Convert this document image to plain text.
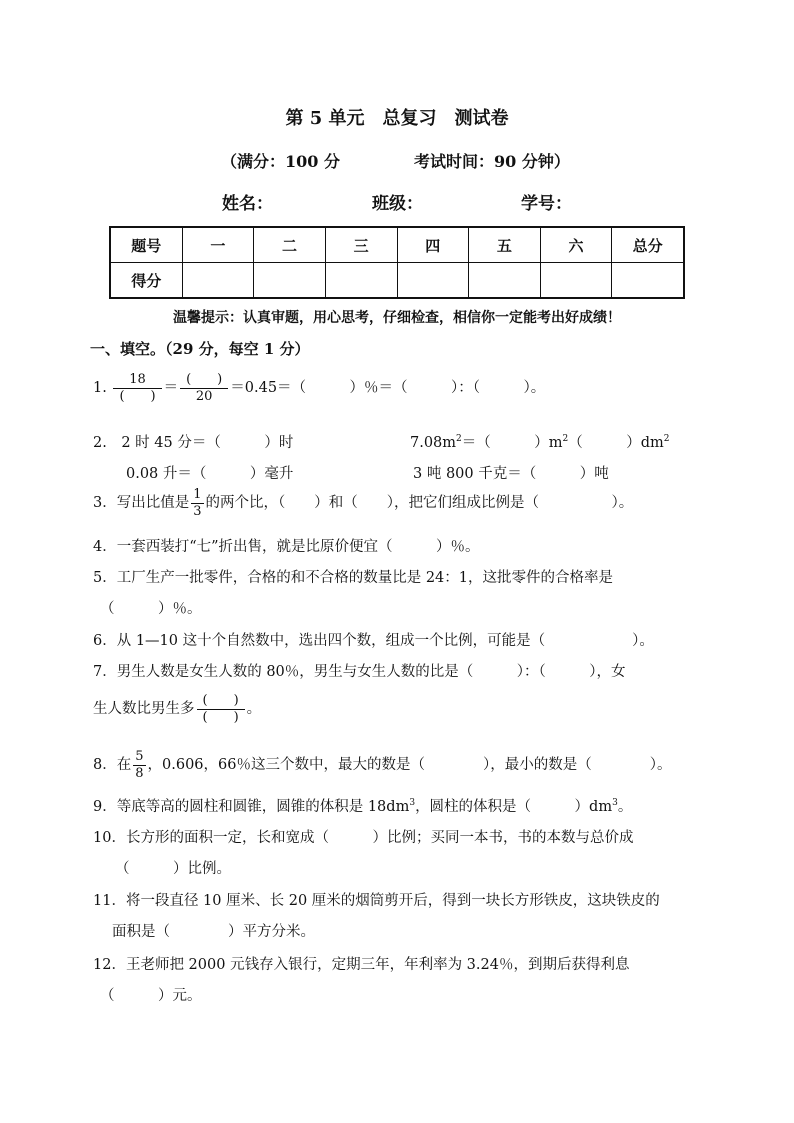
第 5 单元　总复习　测试卷
（满分：100 分	考试时间：90 分钟）
姓名：	班级：	学号：
题号	一	二	三	四	五	六	总分
得分							
温馨提示：认真审题，用心思考，仔细检查，相信你一定能考出好成绩！
一、填空。（29 分，每空 1 分）
1. $\frac{18}{( )} = \frac{( )}{20} =0.45=$（　　　）％＝（　　　）：（　　　）。
2.　2 时 45 分＝（　　　）时	$7.08m^2=$（　　　）$m^2$（　　　）$dm^2$
0.08 升＝（　　　）毫升	3 吨 800 千克＝（　　　）吨
3．写出比值是 $\frac{1}{3}$ 的两个比，（　　）和（　　），把它们组成比例是（　　　　　）。
4．一套西装打“七”折出售，就是比原价便宜（　　　）％。
5．工厂生产一批零件，合格的和不合格的数量比是 24：1，这批零件的合格率是
（　　　）％。
6．从 1—10 这十个自然数中，选出四个数，组成一个比例，可能是（　　　　　　）。
7．男生人数是女生人数的 80％，男生与女生人数的比是（　　　）：（　　　），女
生人数比男生多 $\frac{( )}{( )}$ 。
8．在 $\frac{5}{8}$ ，0.606，66％这三个数中，最大的数是（　　　　），最小的数是（　　　　）。
9．等底等高的圆柱和圆锥，圆锥的体积是 $18dm^3$，圆柱的体积是（　　　）$dm^3$。
10．长方形的面积一定，长和宽成（　　　）比例；买同一本书，书的本数与总价成
（　　　）比例。
11．将一段直径 10 厘米、长 20 厘米的烟筒剪开后，得到一块长方形铁皮，这块铁皮的
面积是（　　　　）平方分米。
12．王老师把 2000 元钱存入银行，定期三年，年利率为 3.24％，到期后获得利息
（　　　）元。
